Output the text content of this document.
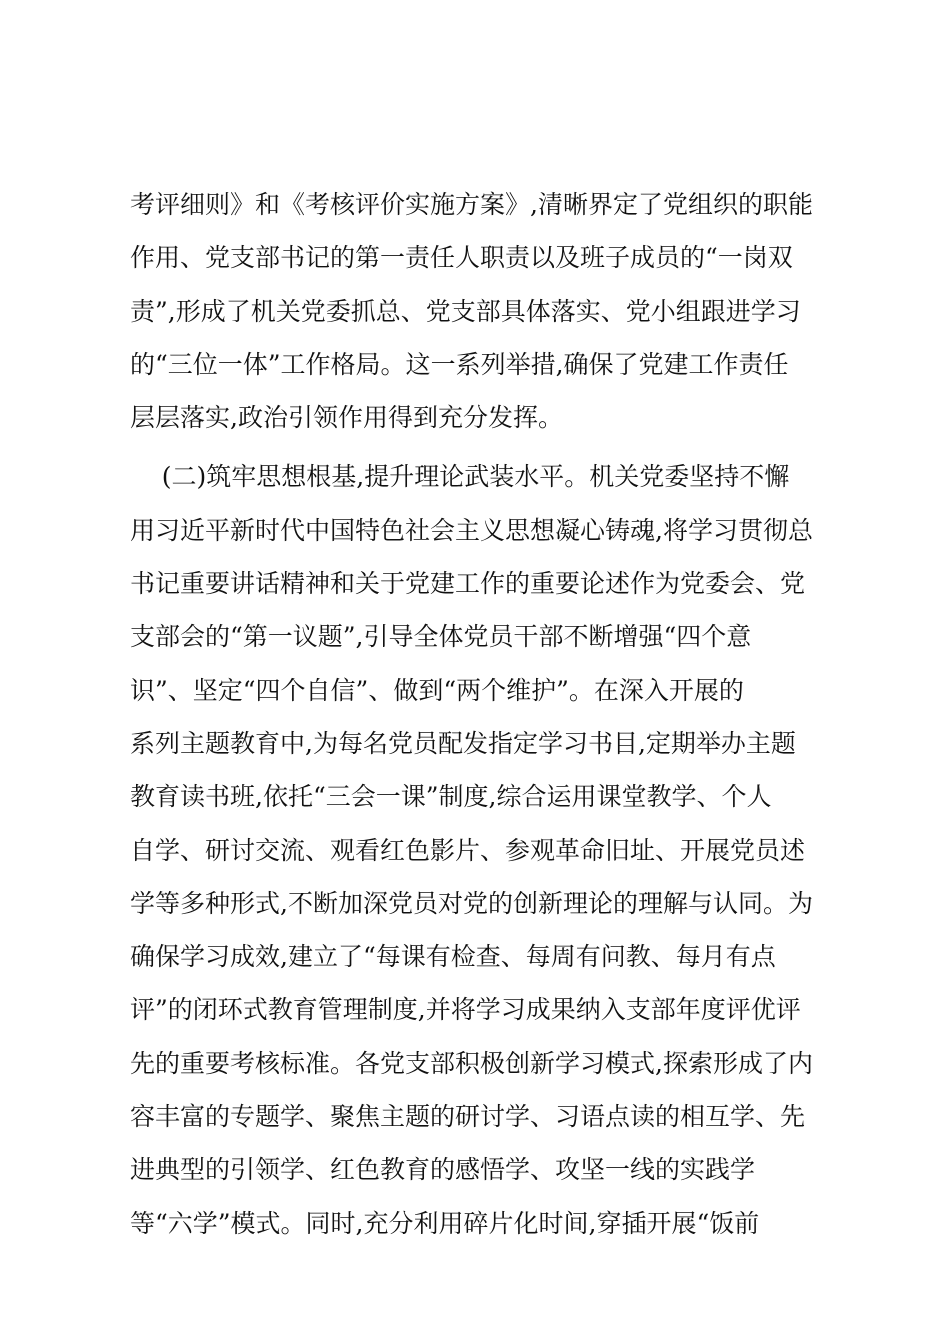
考评细则》和《考核评价实施方案》,清晰界定了党组织的职能
作用、党支部书记的第一责任人职责以及班子成员的“一岗双
责”,形成了机关党委抓总、党支部具体落实、党小组跟进学习
的“三位一体”工作格局。这一系列举措,确保了党建工作责任
层层落实,政治引领作用得到充分发挥。
(二)筑牢思想根基,提升理论武装水平。机关党委坚持不懈
用习近平新时代中国特色社会主义思想凝心铸魂,将学习贯彻总
书记重要讲话精神和关于党建工作的重要论述作为党委会、党
支部会的“第一议题”,引导全体党员干部不断增强“四个意
识”、坚定“四个自信”、做到“两个维护”。在深入开展的
系列主题教育中,为每名党员配发指定学习书目,定期举办主题
教育读书班,依托“三会一课”制度,综合运用课堂教学、个人
自学、研讨交流、观看红色影片、参观革命旧址、开展党员述
学等多种形式,不断加深党员对党的创新理论的理解与认同。为
确保学习成效,建立了“每课有检查、每周有问教、每月有点
评”的闭环式教育管理制度,并将学习成果纳入支部年度评优评
先的重要考核标准。各党支部积极创新学习模式,探索形成了内
容丰富的专题学、聚焦主题的研讨学、习语点读的相互学、先
进典型的引领学、红色教育的感悟学、攻坚一线的实践学
等“六学”模式。同时,充分利用碎片化时间,穿插开展“饭前
